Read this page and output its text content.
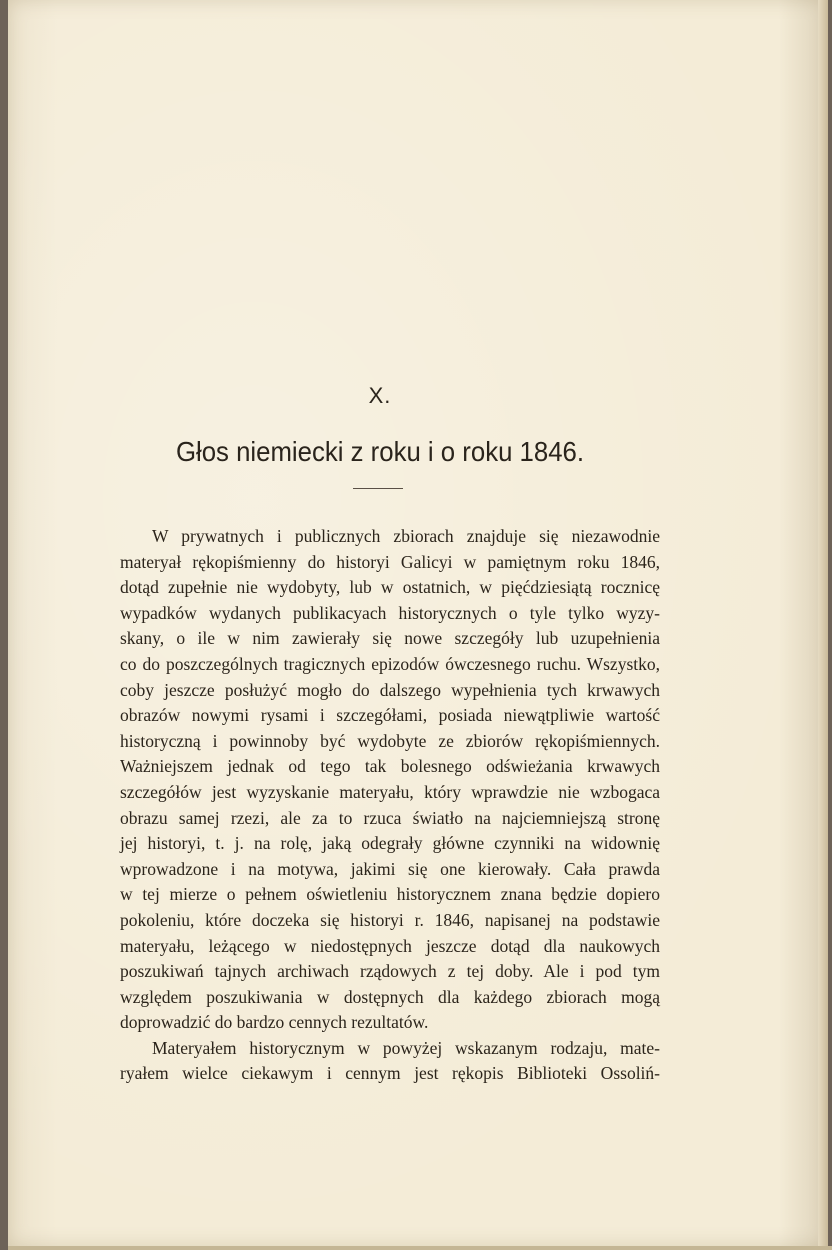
X.
Głos niemiecki z roku i o roku 1846.
W prywatnych i publicznych zbiorach znajduje się niezawodnie
materyał rękopiśmienny do historyi Galicyi w pamiętnym roku 1846,
dotąd zupełnie nie wydobyty, lub w ostatnich, w pięćdziesiątą rocznicę
wypadków wydanych publikacyach historycznych o tyle tylko wyzy-
skany, o ile w nim zawierały się nowe szczegóły lub uzupełnienia
co do poszczególnych tragicznych epizodów ówczesnego ruchu. Wszystko,
coby jeszcze posłużyć mogło do dalszego wypełnienia tych krwawych
obrazów nowymi rysami i szczegółami, posiada niewątpliwie wartość
historyczną i powinnoby być wydobyte ze zbiorów rękopiśmiennych.
Ważniejszem jednak od tego tak bolesnego odświeżania krwawych
szczegółów jest wyzyskanie materyału, który wprawdzie nie wzbogaca
obrazu samej rzezi, ale za to rzuca światło na najciemniejszą stronę
jej historyi, t. j. na rolę, jaką odegrały główne czynniki na widownię
wprowadzone i na motywa, jakimi się one kierowały. Cała prawda
w tej mierze o pełnem oświetleniu historycznem znana będzie dopiero
pokoleniu, które doczeka się historyi r. 1846, napisanej na podstawie
materyału, leżącego w niedostępnych jeszcze dotąd dla naukowych
poszukiwań tajnych archiwach rządowych z tej doby. Ale i pod tym
względem poszukiwania w dostępnych dla każdego zbiorach mogą
doprowadzić do bardzo cennych rezultatów.
Materyałem historycznym w powyżej wskazanym rodzaju, mate-
ryałem wielce ciekawym i cennym jest rękopis Biblioteki Ossoliń-
